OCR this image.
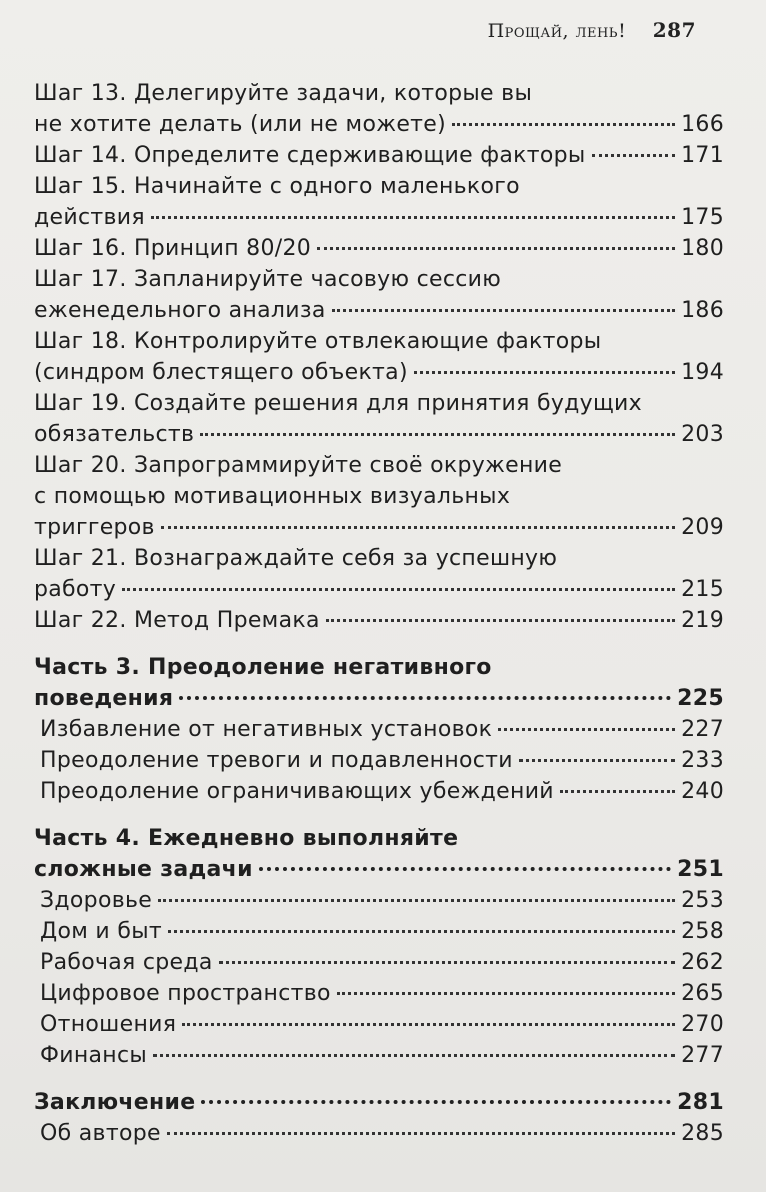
Прощай, лень! 287
Шаг 13. Делегируйте задачи, которые вы
не хотите делать (или не можете)	166
Шаг 14. Определите сдерживающие факторы	171
Шаг 15. Начинайте с одного маленького
действия	175
Шаг 16. Принцип 80/20	180
Шаг 17. Запланируйте часовую сессию
еженедельного анализа	186
Шаг 18. Контролируйте отвлекающие факторы
(синдром блестящего объекта)	194
Шаг 19. Создайте решения для принятия будущих
обязательств	203
Шаг 20. Запрограммируйте своё окружение
с помощью мотивационных визуальных
триггеров	209
Шаг 21. Вознаграждайте себя за успешную
работу	215
Шаг 22. Метод Премака	219
Часть 3. Преодоление негативного
поведения	225
Избавление от негативных установок	227
Преодоление тревоги и подавленности	233
Преодоление ограничивающих убеждений	240
Часть 4. Ежедневно выполняйте
сложные задачи	251
Здоровье	253
Дом и быт	258
Рабочая среда	262
Цифровое пространство	265
Отношения	270
Финансы	277
Заключение	281
Об авторе	285
